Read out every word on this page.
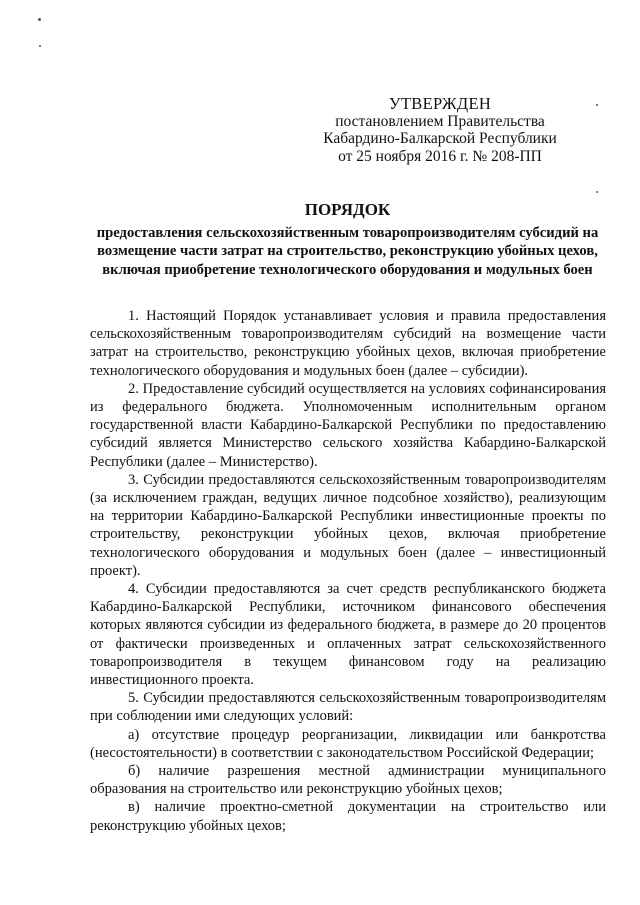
УТВЕРЖДЕН
постановлением Правительства
Кабардино-Балкарской Республики
от 25 ноября 2016 г. № 208-ПП
ПОРЯДОК
предоставления сельскохозяйственным товаропроизводителям субсидий на возмещение части затрат на строительство, реконструкцию убойных цехов, включая приобретение технологического оборудования и модульных боен

1. Настоящий Порядок устанавливает условия и правила предоставления сельскохозяйственным товаропроизводителям субсидий на возмещение части затрат на строительство, реконструкцию убойных цехов, включая приобретение технологического оборудования и модульных боен (далее – субсидии).

2. Предоставление субсидий осуществляется на условиях софинансирования из федерального бюджета. Уполномоченным исполнительным органом государственной власти Кабардино-Балкарской Республики по предоставлению субсидий является Министерство сельского хозяйства Кабардино-Балкарской Республики (далее – Министерство).

3. Субсидии предоставляются сельскохозяйственным товаропроизводителям (за исключением граждан, ведущих личное подсобное хозяйство), реализующим на территории Кабардино-Балкарской Республики инвестиционные проекты по строительству, реконструкции убойных цехов, включая приобретение технологического оборудования и модульных боен (далее – инвестиционный проект).

4. Субсидии предоставляются за счет средств республиканского бюджета Кабардино-Балкарской Республики, источником финансового обеспечения которых являются субсидии из федерального бюджета, в размере до 20 процентов от фактически произведенных и оплаченных затрат сельскохозяйственного товаропроизводителя в текущем финансовом году на реализацию инвестиционного проекта.

5. Субсидии предоставляются сельскохозяйственным товаропроизводителям при соблюдении ими следующих условий:

а) отсутствие процедур реорганизации, ликвидации или банкротства (несостоятельности) в соответствии с законодательством Российской Федерации;

б) наличие разрешения местной администрации муниципального образования на строительство или реконструкцию убойных цехов;

в) наличие проектно-сметной документации на строительство или реконструкцию убойных цехов;
